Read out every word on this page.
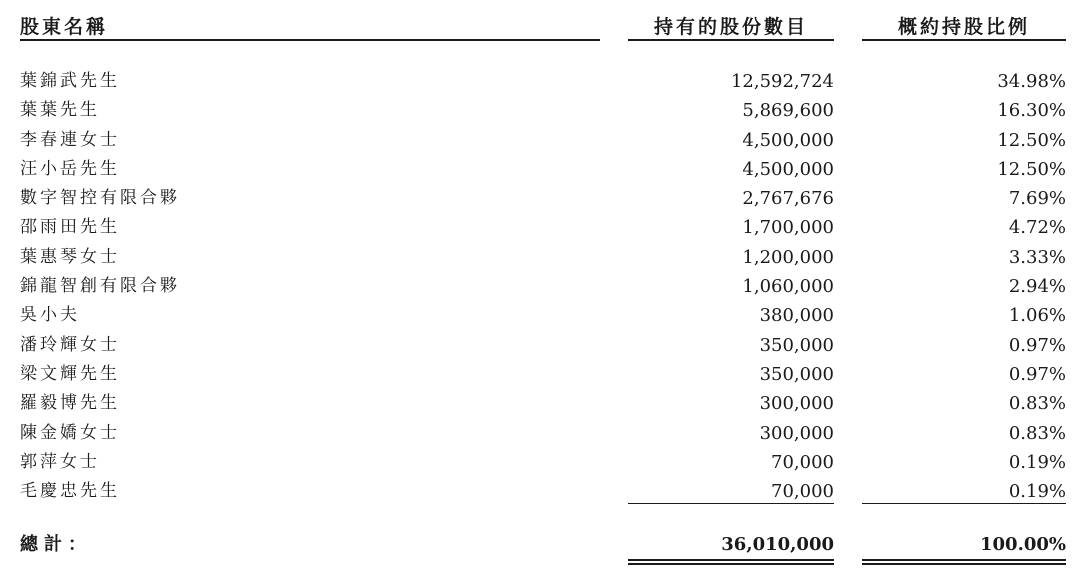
股東名稱	持有的股份數目	概約持股比例
葉錦武先生	12,592,724	34.98%
葉葉先生	5,869,600	16.30%
李春連女士	4,500,000	12.50%
汪小岳先生	4,500,000	12.50%
數字智控有限合夥	2,767,676	7.69%
邵雨田先生	1,700,000	4.72%
葉惠琴女士	1,200,000	3.33%
錦龍智創有限合夥	1,060,000	2.94%
吳小夫	380,000	1.06%
潘玲輝女士	350,000	0.97%
梁文輝先生	350,000	0.97%
羅毅博先生	300,000	0.83%
陳金嬌女士	300,000	0.83%
郭萍女士	70,000	0.19%
毛慶忠先生	70,000	0.19%
總計：	36,010,000	100.00%
